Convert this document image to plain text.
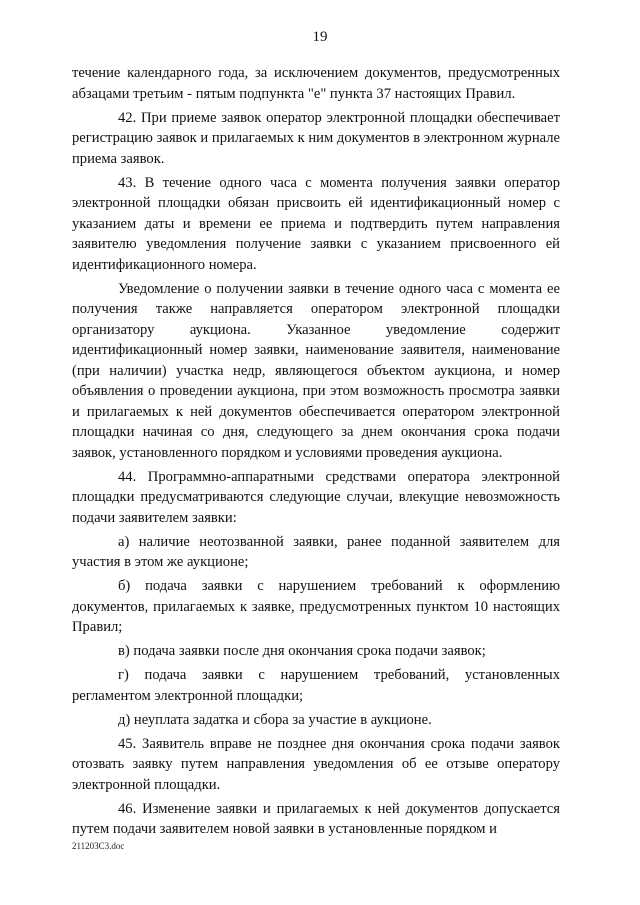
19

течение календарного года, за исключением документов, предусмотренных абзацами третьим - пятым подпункта "е" пункта 37 настоящих Правил.

42. При приеме заявок оператор электронной площадки обеспечивает регистрацию заявок и прилагаемых к ним документов в электронном журнале приема заявок.

43. В течение одного часа с момента получения заявки оператор электронной площадки обязан присвоить ей идентификационный номер с указанием даты и времени ее приема и подтвердить путем направления заявителю уведомления получение заявки с указанием присвоенного ей идентификационного номера.

Уведомление о получении заявки в течение одного часа с момента ее получения также направляется оператором электронной площадки организатору аукциона. Указанное уведомление содержит идентификационный номер заявки, наименование заявителя, наименование (при наличии) участка недр, являющегося объектом аукциона, и номер объявления о проведении аукциона, при этом возможность просмотра заявки и прилагаемых к ней документов обеспечивается оператором электронной площадки начиная со дня, следующего за днем окончания срока подачи заявок, установленного порядком и условиями проведения аукциона.

44. Программно-аппаратными средствами оператора электронной площадки предусматриваются следующие случаи, влекущие невозможность подачи заявителем заявки:

а) наличие неотозванной заявки, ранее поданной заявителем для участия в этом же аукционе;

б) подача заявки с нарушением требований к оформлению документов, прилагаемых к заявке, предусмотренных пунктом 10 настоящих Правил;

в) подача заявки после дня окончания срока подачи заявок;

г) подача заявки с нарушением требований, установленных регламентом электронной площадки;

д) неуплата задатка и сбора за участие в аукционе.

45. Заявитель вправе не позднее дня окончания срока подачи заявок отозвать заявку путем направления уведомления об ее отзыве оператору электронной площадки.

46. Изменение заявки и прилагаемых к ней документов допускается путем подачи заявителем новой заявки в установленные порядком и

211203C3.doc
